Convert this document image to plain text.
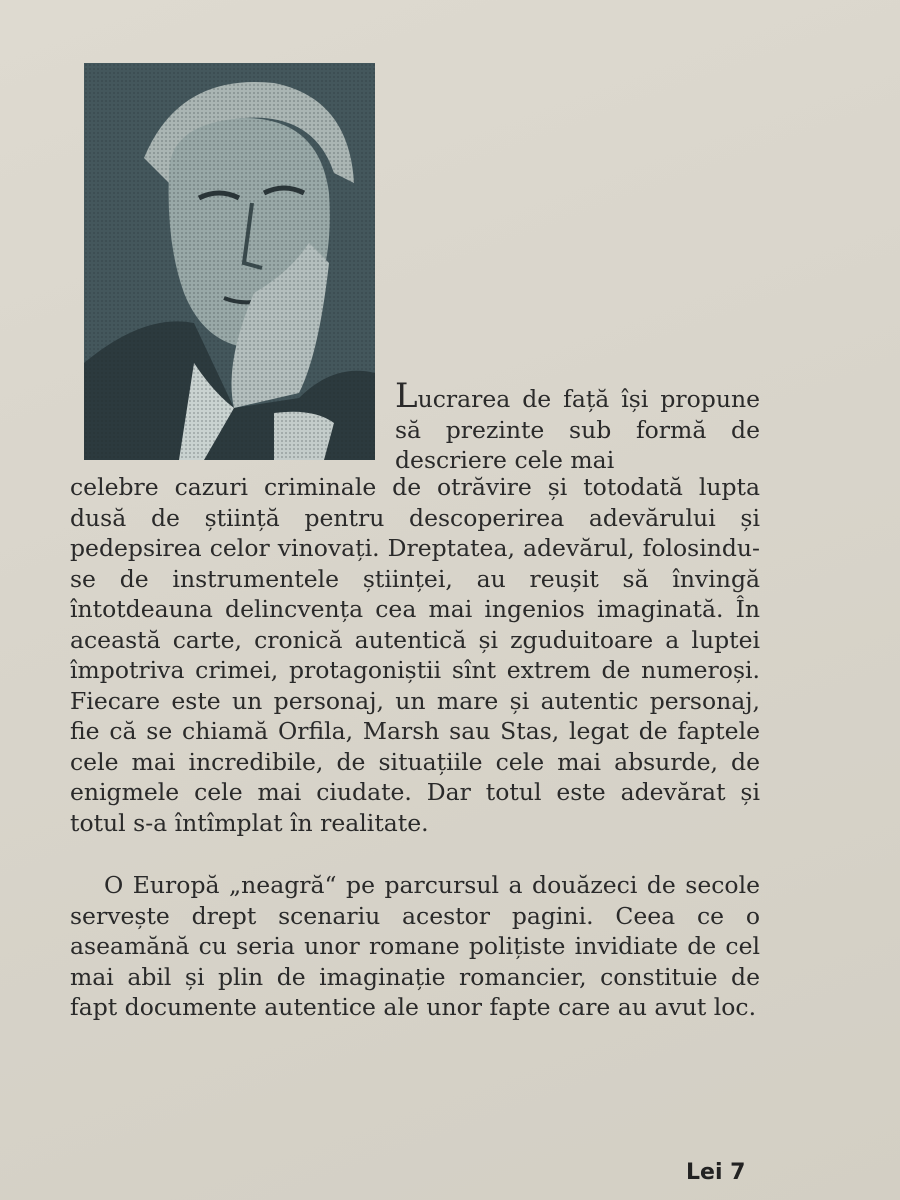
Lucrarea de față își propune să prezinte sub formă de descriere cele mai

celebre cazuri criminale de otrăvire și totodată lupta dusă de știință pentru descoperirea adevărului și pedepsirea celor vinovați. Dreptatea, adevărul, folosindu-se de instrumentele științei, au reușit să învingă întotdeauna delincvența cea mai ingenios imaginată. În această carte, cronică autentică și zguduitoare a luptei împotriva crimei, protagoniștii sînt extrem de numeroși. Fiecare este un personaj, un mare și autentic personaj, fie că se chiamă Orfila, Marsh sau Stas, legat de faptele cele mai incredibile, de situațiile cele mai absurde, de enigmele cele mai ciudate. Dar totul este adevărat și totul s-a întîmplat în realitate.

O Europă „neagră“ pe parcursul a douăzeci de secole servește drept scenariu acestor pagini. Ceea ce o aseamănă cu seria unor romane polițiste invidiate de cel mai abil și plin de imaginație romancier, constituie de fapt documente autentice ale unor fapte care au avut loc.

Lei 7
